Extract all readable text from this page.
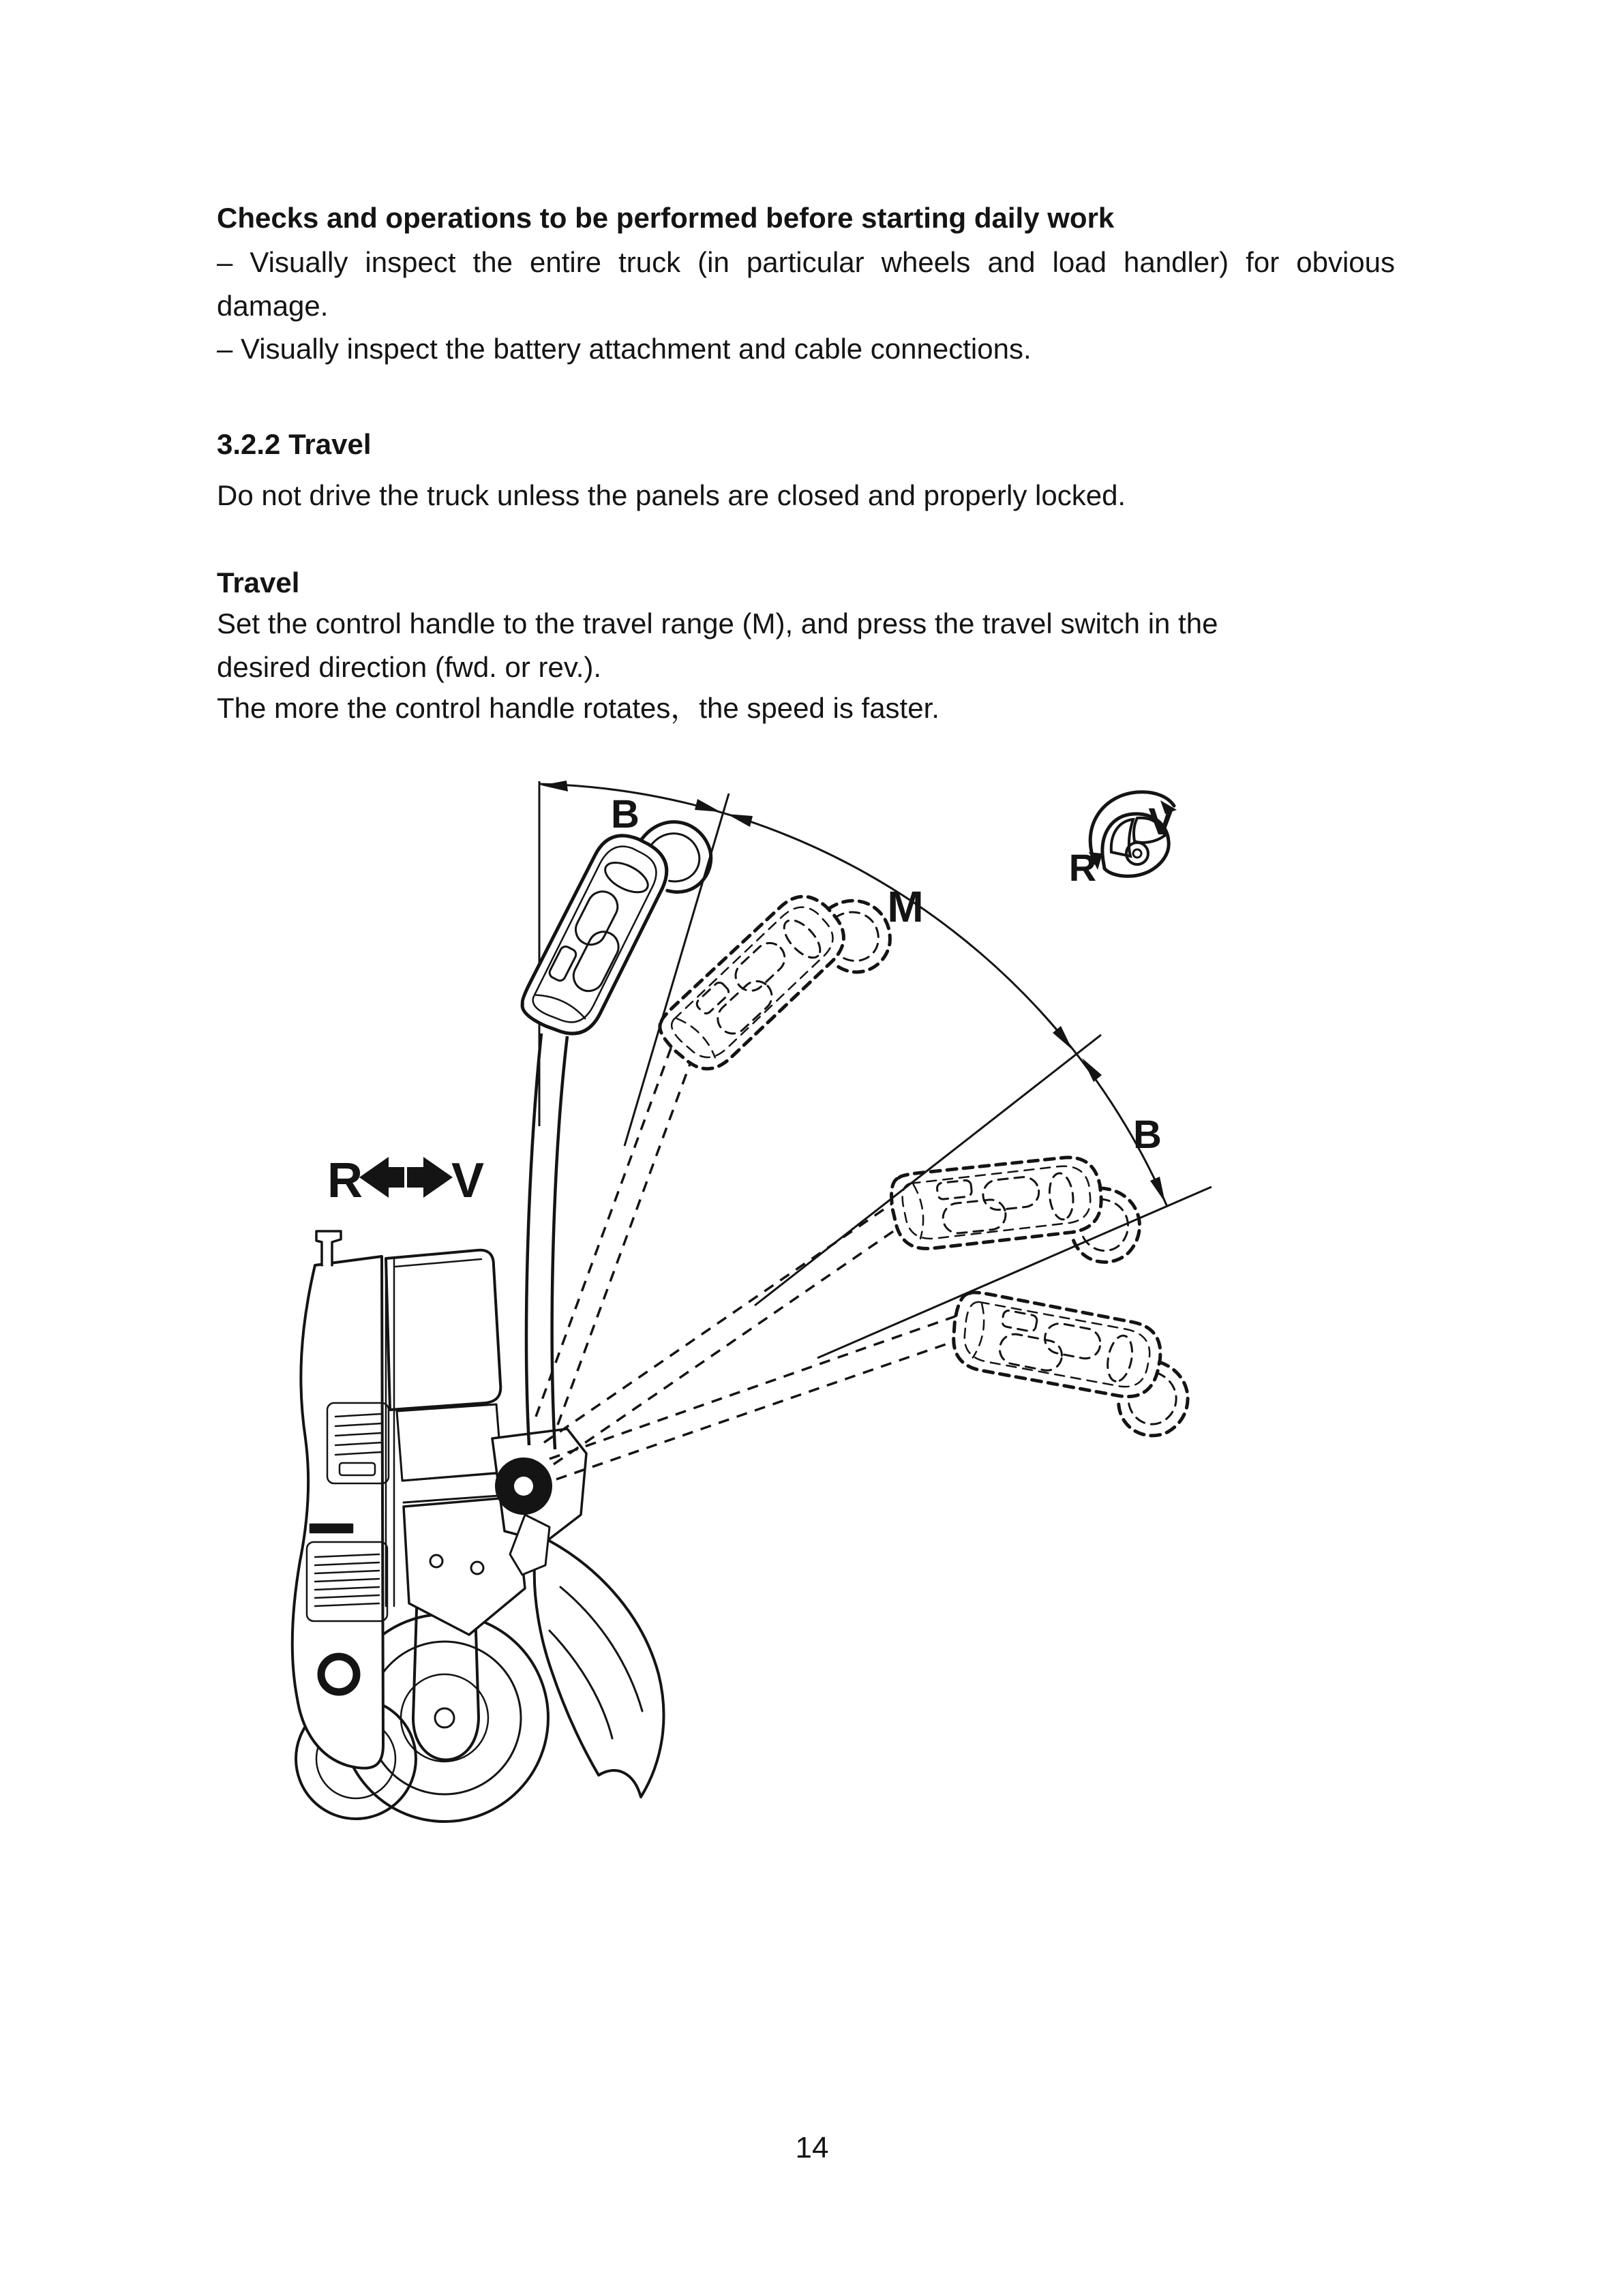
Checks and operations to be performed before starting daily work
– Visually inspect the entire truck (in particular wheels and load handler) for obvious
damage.
– Visually inspect the battery attachment and cable connections.
3.2.2 Travel
Do not drive the truck unless the panels are closed and properly locked.
Travel
Set the control handle to the travel range (M), and press the travel switch in the
desired direction (fwd. or rev.).
The more the control handle rotates，the speed is faster.
B
M
B
R
V
R V
14
